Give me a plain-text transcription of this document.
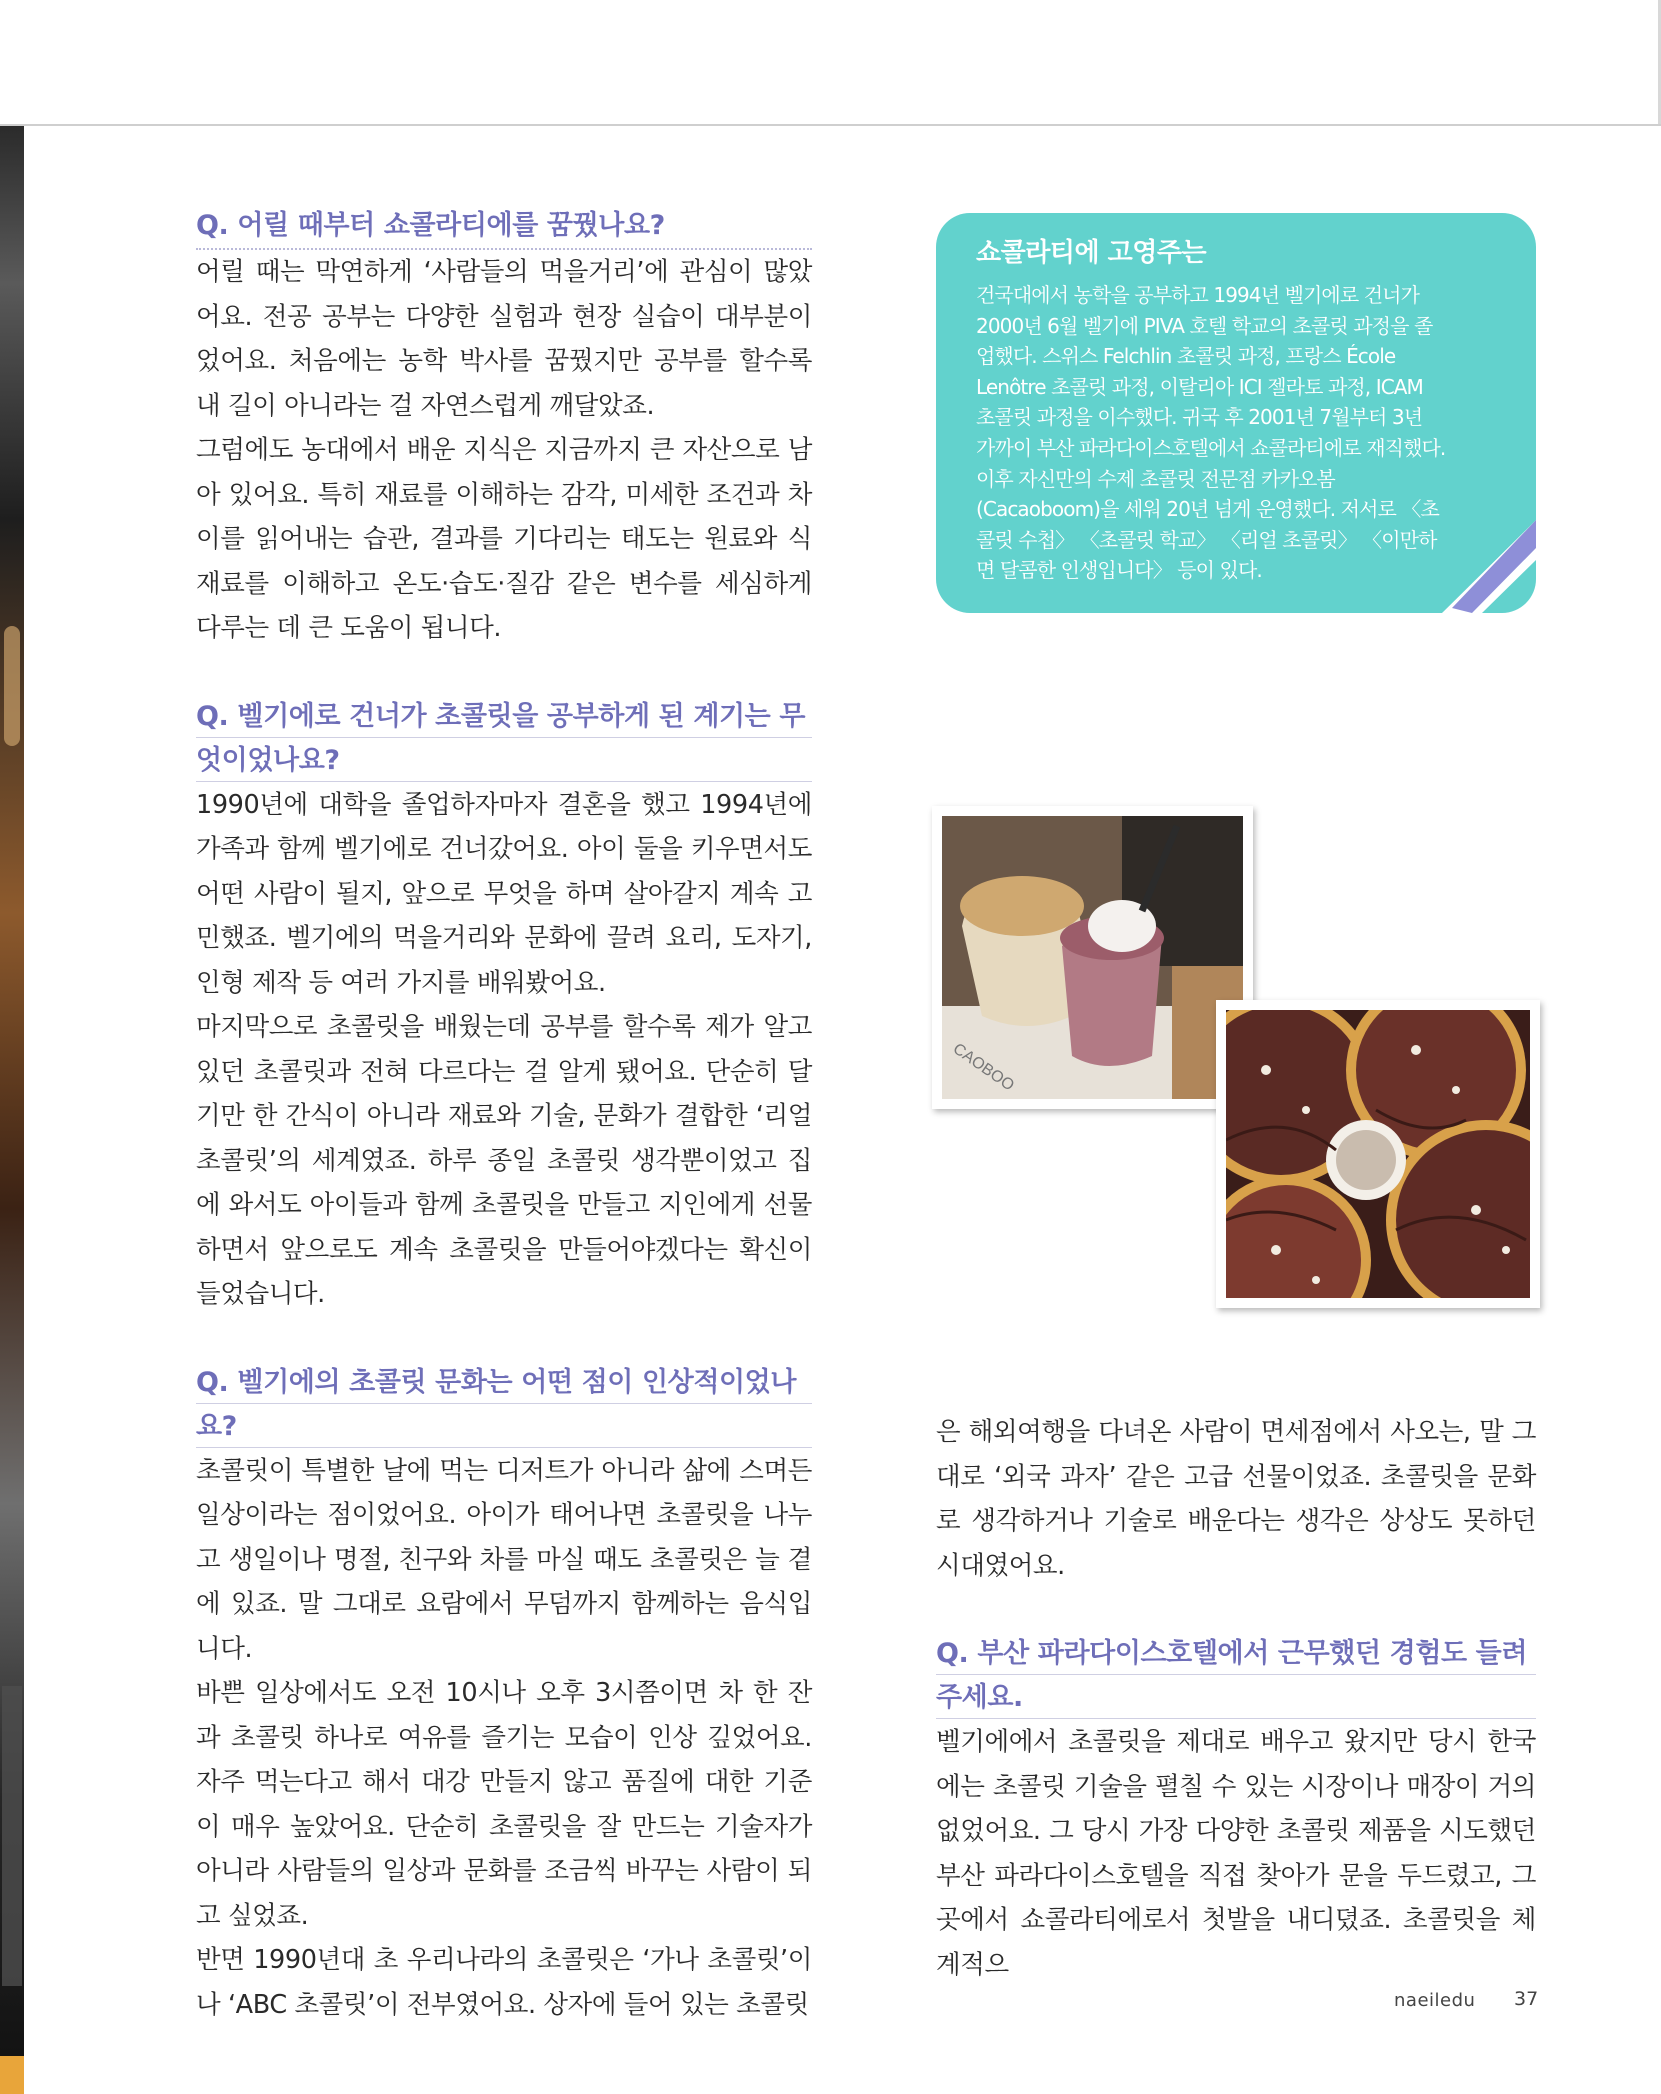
Q. 어릴 때부터 쇼콜라티에를 꿈꿨나요?

어릴 때는 막연하게 ‘사람들의 먹을거리’에 관심이 많았어요. 전공 공부는 다양한 실험과 현장 실습이 대부분이었어요. 처음에는 농학 박사를 꿈꿨지만 공부를 할수록 내 길이 아니라는 걸 자연스럽게 깨달았죠.

그럼에도 농대에서 배운 지식은 지금까지 큰 자산으로 남아 있어요. 특히 재료를 이해하는 감각, 미세한 조건과 차이를 읽어내는 습관, 결과를 기다리는 태도는 원료와 식재료를 이해하고 온도·습도·질감 같은 변수를 세심하게 다루는 데 큰 도움이 됩니다.

Q. 벨기에로 건너가 초콜릿을 공부하게 된 계기는 무엇이었나요?

1990년에 대학을 졸업하자마자 결혼을 했고 1994년에 가족과 함께 벨기에로 건너갔어요. 아이 둘을 키우면서도 어떤 사람이 될지, 앞으로 무엇을 하며 살아갈지 계속 고민했죠. 벨기에의 먹을거리와 문화에 끌려 요리, 도자기, 인형 제작 등 여러 가지를 배워봤어요.

마지막으로 초콜릿을 배웠는데 공부를 할수록 제가 알고 있던 초콜릿과 전혀 다르다는 걸 알게 됐어요. 단순히 달기만 한 간식이 아니라 재료와 기술, 문화가 결합한 ‘리얼 초콜릿’의 세계였죠. 하루 종일 초콜릿 생각뿐이었고 집에 와서도 아이들과 함께 초콜릿을 만들고 지인에게 선물하면서 앞으로도 계속 초콜릿을 만들어야겠다는 확신이 들었습니다.

Q. 벨기에의 초콜릿 문화는 어떤 점이 인상적이었나요?

초콜릿이 특별한 날에 먹는 디저트가 아니라 삶에 스며든 일상이라는 점이었어요. 아이가 태어나면 초콜릿을 나누고 생일이나 명절, 친구와 차를 마실 때도 초콜릿은 늘 곁에 있죠. 말 그대로 요람에서 무덤까지 함께하는 음식입니다.

바쁜 일상에서도 오전 10시나 오후 3시쯤이면 차 한 잔과 초콜릿 하나로 여유를 즐기는 모습이 인상 깊었어요. 자주 먹는다고 해서 대강 만들지 않고 품질에 대한 기준이 매우 높았어요. 단순히 초콜릿을 잘 만드는 기술자가 아니라 사람들의 일상과 문화를 조금씩 바꾸는 사람이 되고 싶었죠.

반면 1990년대 초 우리나라의 초콜릿은 ‘가나 초콜릿’이나 ‘ABC 초콜릿’이 전부였어요. 상자에 들어 있는 초콜릿

쇼콜라티에 고영주는
건국대에서 농학을 공부하고 1994년 벨기에로 건너가 2000년 6월 벨기에 PIVA 호텔 학교의 초콜릿 과정을 졸업했다. 스위스 Felchlin 초콜릿 과정, 프랑스 École Lenôtre 초콜릿 과정, 이탈리아 ICI 젤라토 과정, ICAM 초콜릿 과정을 이수했다. 귀국 후 2001년 7월부터 3년 가까이 부산 파라다이스호텔에서 쇼콜라티에로 재직했다. 이후 자신만의 수제 초콜릿 전문점 카카오봄(Cacaoboom)을 세워 20년 넘게 운영했다. 저서로 〈초콜릿 수첩〉 〈초콜릿 학교〉 〈리얼 초콜릿〉 〈이만하면 달콤한 인생입니다〉 등이 있다.
CAOBOO

은 해외여행을 다녀온 사람이 면세점에서 사오는, 말 그대로 ‘외국 과자’ 같은 고급 선물이었죠. 초콜릿을 문화로 생각하거나 기술로 배운다는 생각은 상상도 못하던 시대였어요.

Q. 부산 파라다이스호텔에서 근무했던 경험도 들려주세요.

벨기에에서 초콜릿을 제대로 배우고 왔지만 당시 한국에는 초콜릿 기술을 펼칠 수 있는 시장이나 매장이 거의 없었어요. 그 당시 가장 다양한 초콜릿 제품을 시도했던 부산 파라다이스호텔을 직접 찾아가 문을 두드렸고, 그곳에서 쇼콜라티에로서 첫발을 내디뎠죠. 초콜릿을 체계적으

naeiledu 37
